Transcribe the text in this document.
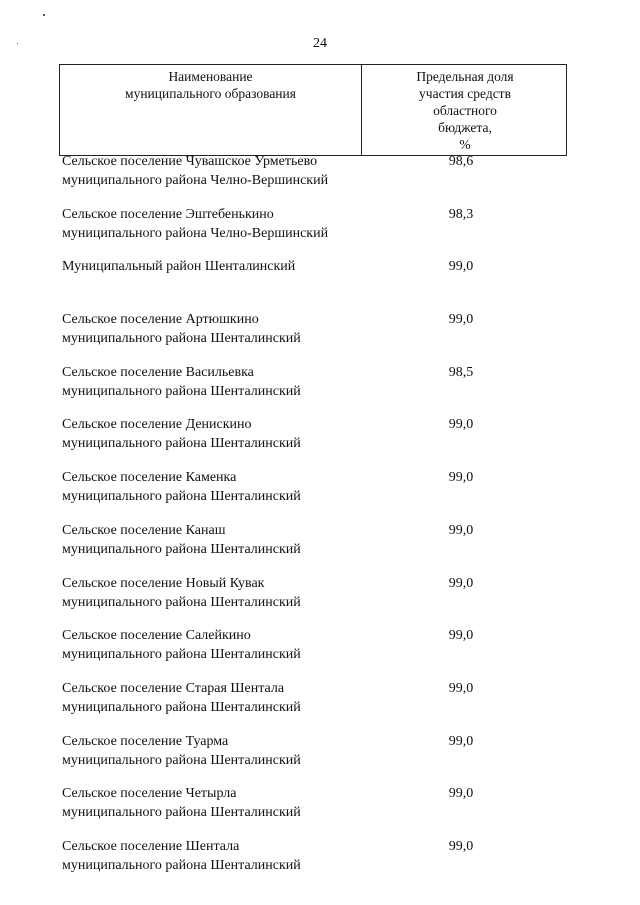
24
Наименование
муниципального образования
Предельная доля
участия средств
областного
бюджета,
%
Сельское поселение Чувашское Урметьево
муниципального района Челно-Вершинский
98,6
Сельское поселение Эштебенькино
муниципального района Челно-Вершинский
98,3
Муниципальный район Шенталинский	99,0
Сельское поселение Артюшкино
муниципального района Шенталинский
99,0
Сельское поселение Васильевка
муниципального района Шенталинский
98,5
Сельское поселение Денискино
муниципального района Шенталинский
99,0
Сельское поселение Каменка
муниципального района Шенталинский
99,0
Сельское поселение Канаш
муниципального района Шенталинский
99,0
Сельское поселение Новый Кувак
муниципального района Шенталинский
99,0
Сельское поселение Салейкино
муниципального района Шенталинский
99,0
Сельское поселение Старая Шентала
муниципального района Шенталинский
99,0
Сельское поселение Туарма
муниципального района Шенталинский
99,0
Сельское поселение Четырла
муниципального района Шенталинский
99,0
Сельское поселение Шентала
муниципального района Шенталинский
99,0
